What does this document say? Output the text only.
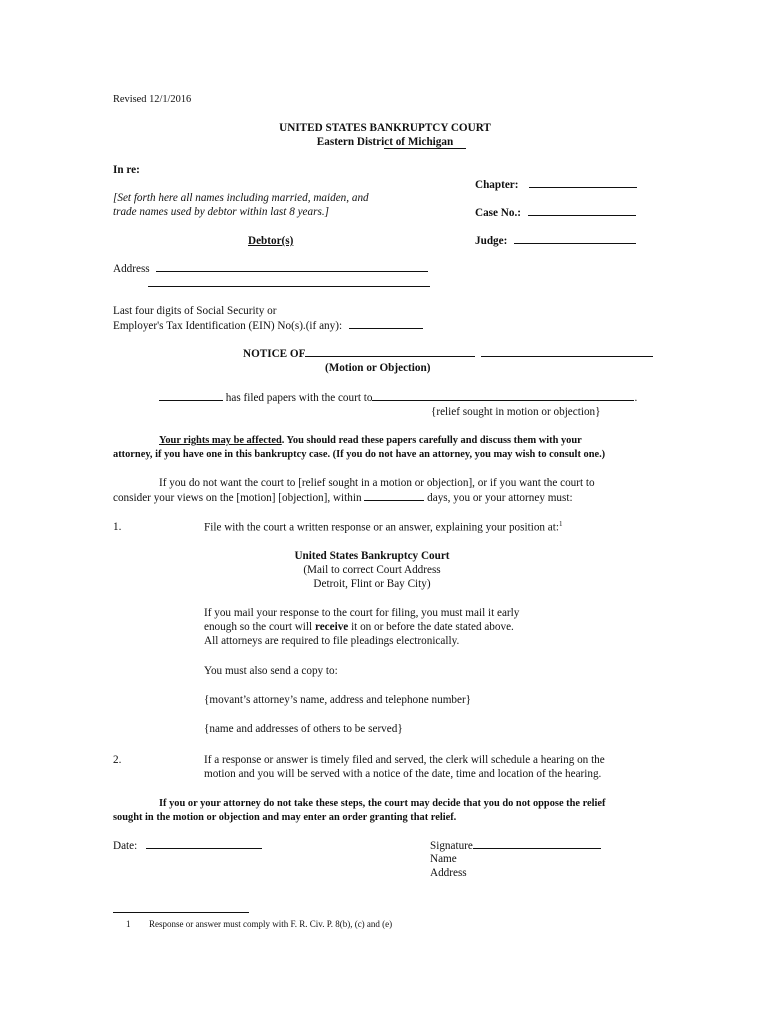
Revised 12/1/2016
UNITED STATES BANKRUPTCY COURT
Eastern District of Michigan
In re:
[Set forth here all names including married, maiden, and
trade names used by debtor within last 8 years.]
Debtor(s)
Chapter:
Case No.:
Judge:
Address
Last four digits of Social Security or
Employer's Tax Identification (EIN) No(s).(if any):
NOTICE OF
(Motion or Objection)
has filed papers with the court to	.
{relief sought in motion or objection}
Your rights may be affected. You should read these papers carefully and discuss them with your
attorney, if you have one in this bankruptcy case. (If you do not have an attorney, you may wish to consult one.)
If you do not want the court to [relief sought in a motion or objection], or if you want the court to
consider your views on the [motion] [objection], within	days, you or your attorney must:
1.	File with the court a written response or an answer, explaining your position at:$^1$
United States Bankruptcy Court
(Mail to correct Court Address
Detroit, Flint or Bay City)
If you mail your response to the court for filing, you must mail it early
enough so the court will receive it on or before the date stated above.
All attorneys are required to file pleadings electronically.
You must also send a copy to:
{movant’s attorney’s name, address and telephone number}
{name and addresses of others to be served}
2.	If a response or answer is timely filed and served, the clerk will schedule a hearing on the
motion and you will be served with a notice of the date, time and location of the hearing.
If you or your attorney do not take these steps, the court may decide that you do not oppose the relief
sought in the motion or objection and may enter an order granting that relief.
Date:	Signature
Name
Address
1 Response or answer must comply with F. R. Civ. P. 8(b), (c) and (e)
